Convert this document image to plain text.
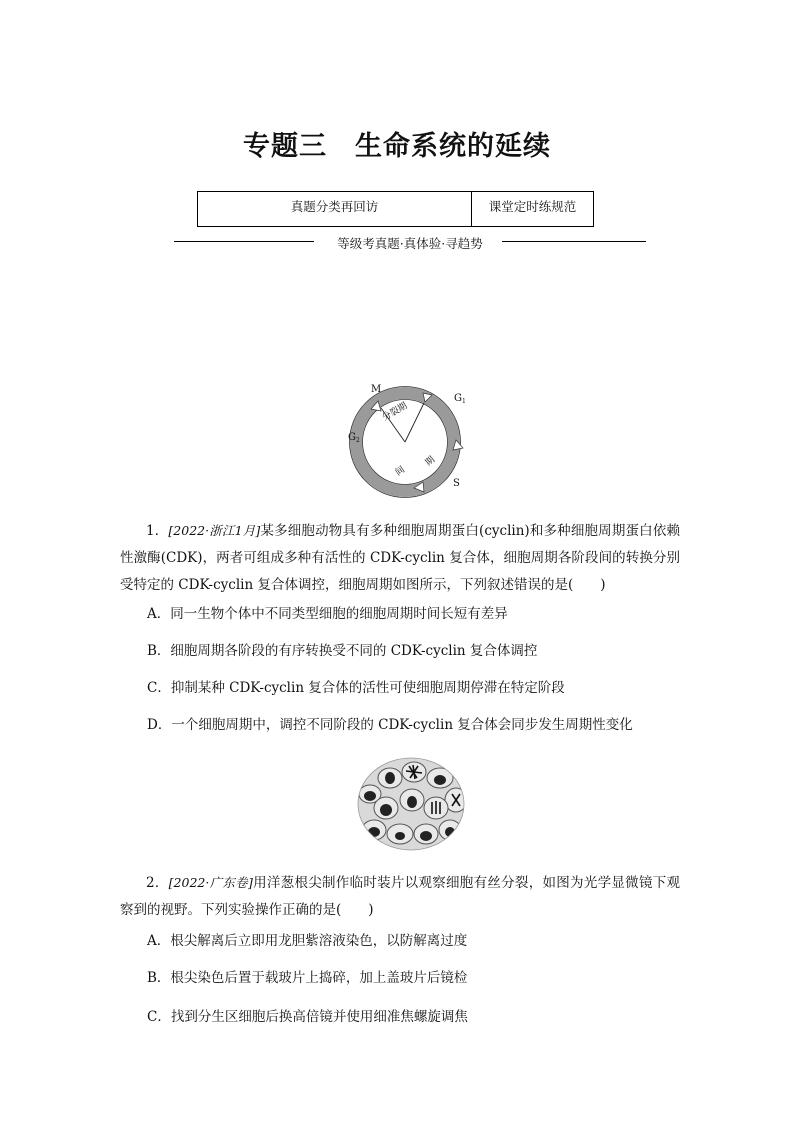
专题三　生命系统的延续
真题分类再回访	课堂定时练规范
等级考真题·真体验·寻趋势
分裂期
间
期
M
$G_1$
$G_2$
S

1．[2022·浙江1月]某多细胞动物具有多种细胞周期蛋白(cyclin)和多种细胞周期蛋白依赖性激酶(CDK)，两者可组成多种有活性的 CDK-cyclin 复合体，细胞周期各阶段间的转换分别受特定的 CDK-cyclin 复合体调控，细胞周期如图所示，下列叙述错误的是(　　)

A．同一生物个体中不同类型细胞的细胞周期时间长短有差异
B．细胞周期各阶段的有序转换受不同的 CDK-cyclin 复合体调控
C．抑制某种 CDK-cyclin 复合体的活性可使细胞周期停滞在特定阶段
D．一个细胞周期中，调控不同阶段的 CDK-cyclin 复合体会同步发生周期性变化

2．[2022·广东卷]用洋葱根尖制作临时装片以观察细胞有丝分裂，如图为光学显微镜下观察到的视野。下列实验操作正确的是(　　)

A．根尖解离后立即用龙胆紫溶液染色，以防解离过度
B．根尖染色后置于载玻片上捣碎，加上盖玻片后镜检
C．找到分生区细胞后换高倍镜并使用细准焦螺旋调焦
